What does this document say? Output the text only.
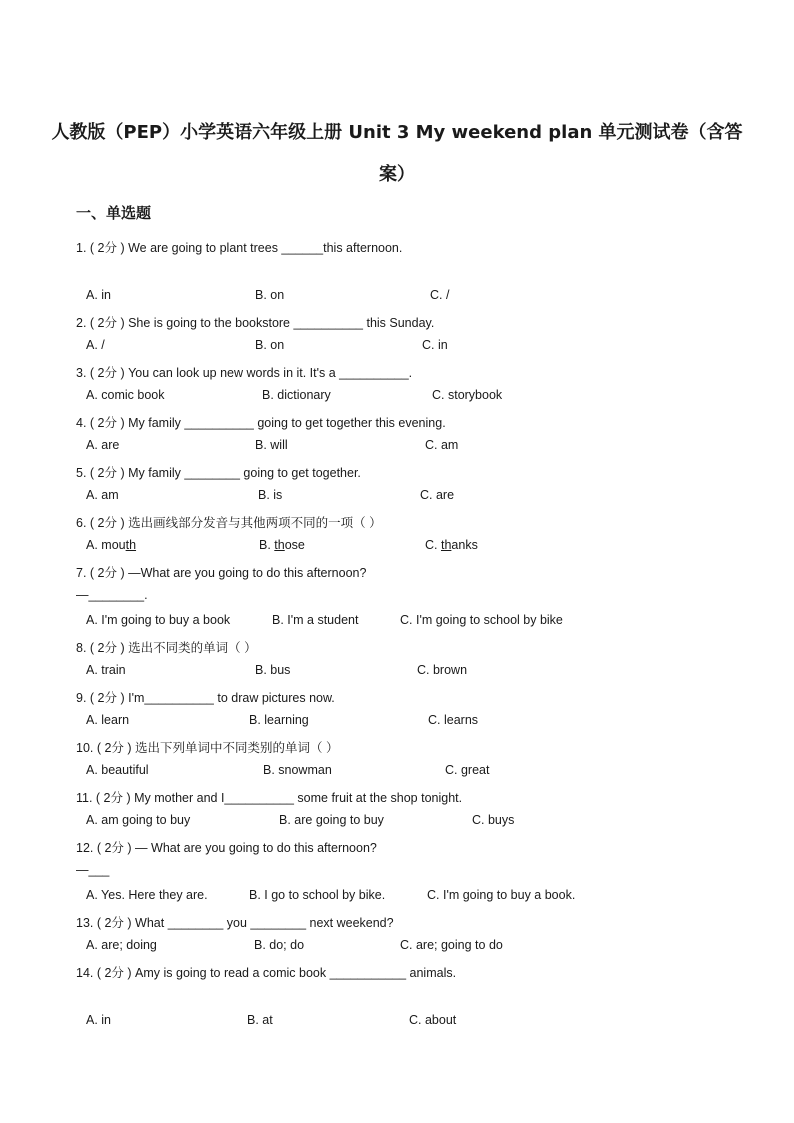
人教版（PEP）小学英语六年级上册 Unit 3 My weekend plan 单元测试卷（含答
案）
一、单选题
1. ( 2分 ) We are going to plant trees ______this afternoon.
A. in	B. on	C. /
2. ( 2分 ) She is going to the bookstore __________ this Sunday.
A. /	B. on	C. in
3. ( 2分 ) You can look up new words in it. It's a __________.
A. comic book	B. dictionary	C. storybook
4. ( 2分 ) My family __________ going to get together this evening.
A. are	B. will	C. am
5. ( 2分 ) My family ________ going to get together.
A. am	B. is	C. are
6. ( 2分 ) 选出画线部分发音与其他两项不同的一项（ ）
A. mouth	B. those	C. thanks
7. ( 2分 ) —What are you going to do this afternoon?
—________.
A. I'm going to buy a book	B. I'm a student	C. I'm going to school by bike
8. ( 2分 ) 选出不同类的单词（ ）
A. train	B. bus	C. brown
9. ( 2分 ) I'm__________ to draw pictures now.
A. learn	B. learning	C. learns
10. ( 2分 ) 选出下列单词中不同类别的单词（ ）
A. beautiful	B. snowman	C. great
11. ( 2分 ) My mother and I__________ some fruit at the shop tonight.
A. am going to buy	B. are going to buy	C. buys
12. ( 2分 ) — What are you going to do this afternoon?
—___
A. Yes. Here they are.	B. I go to school by bike.	C. I'm going to buy a book.
13. ( 2分 ) What ________ you ________ next weekend?
A. are; doing	B. do; do	C. are; going to do
14. ( 2分 ) Amy is going to read a comic book ___________ animals.
A. in	B. at	C. about
